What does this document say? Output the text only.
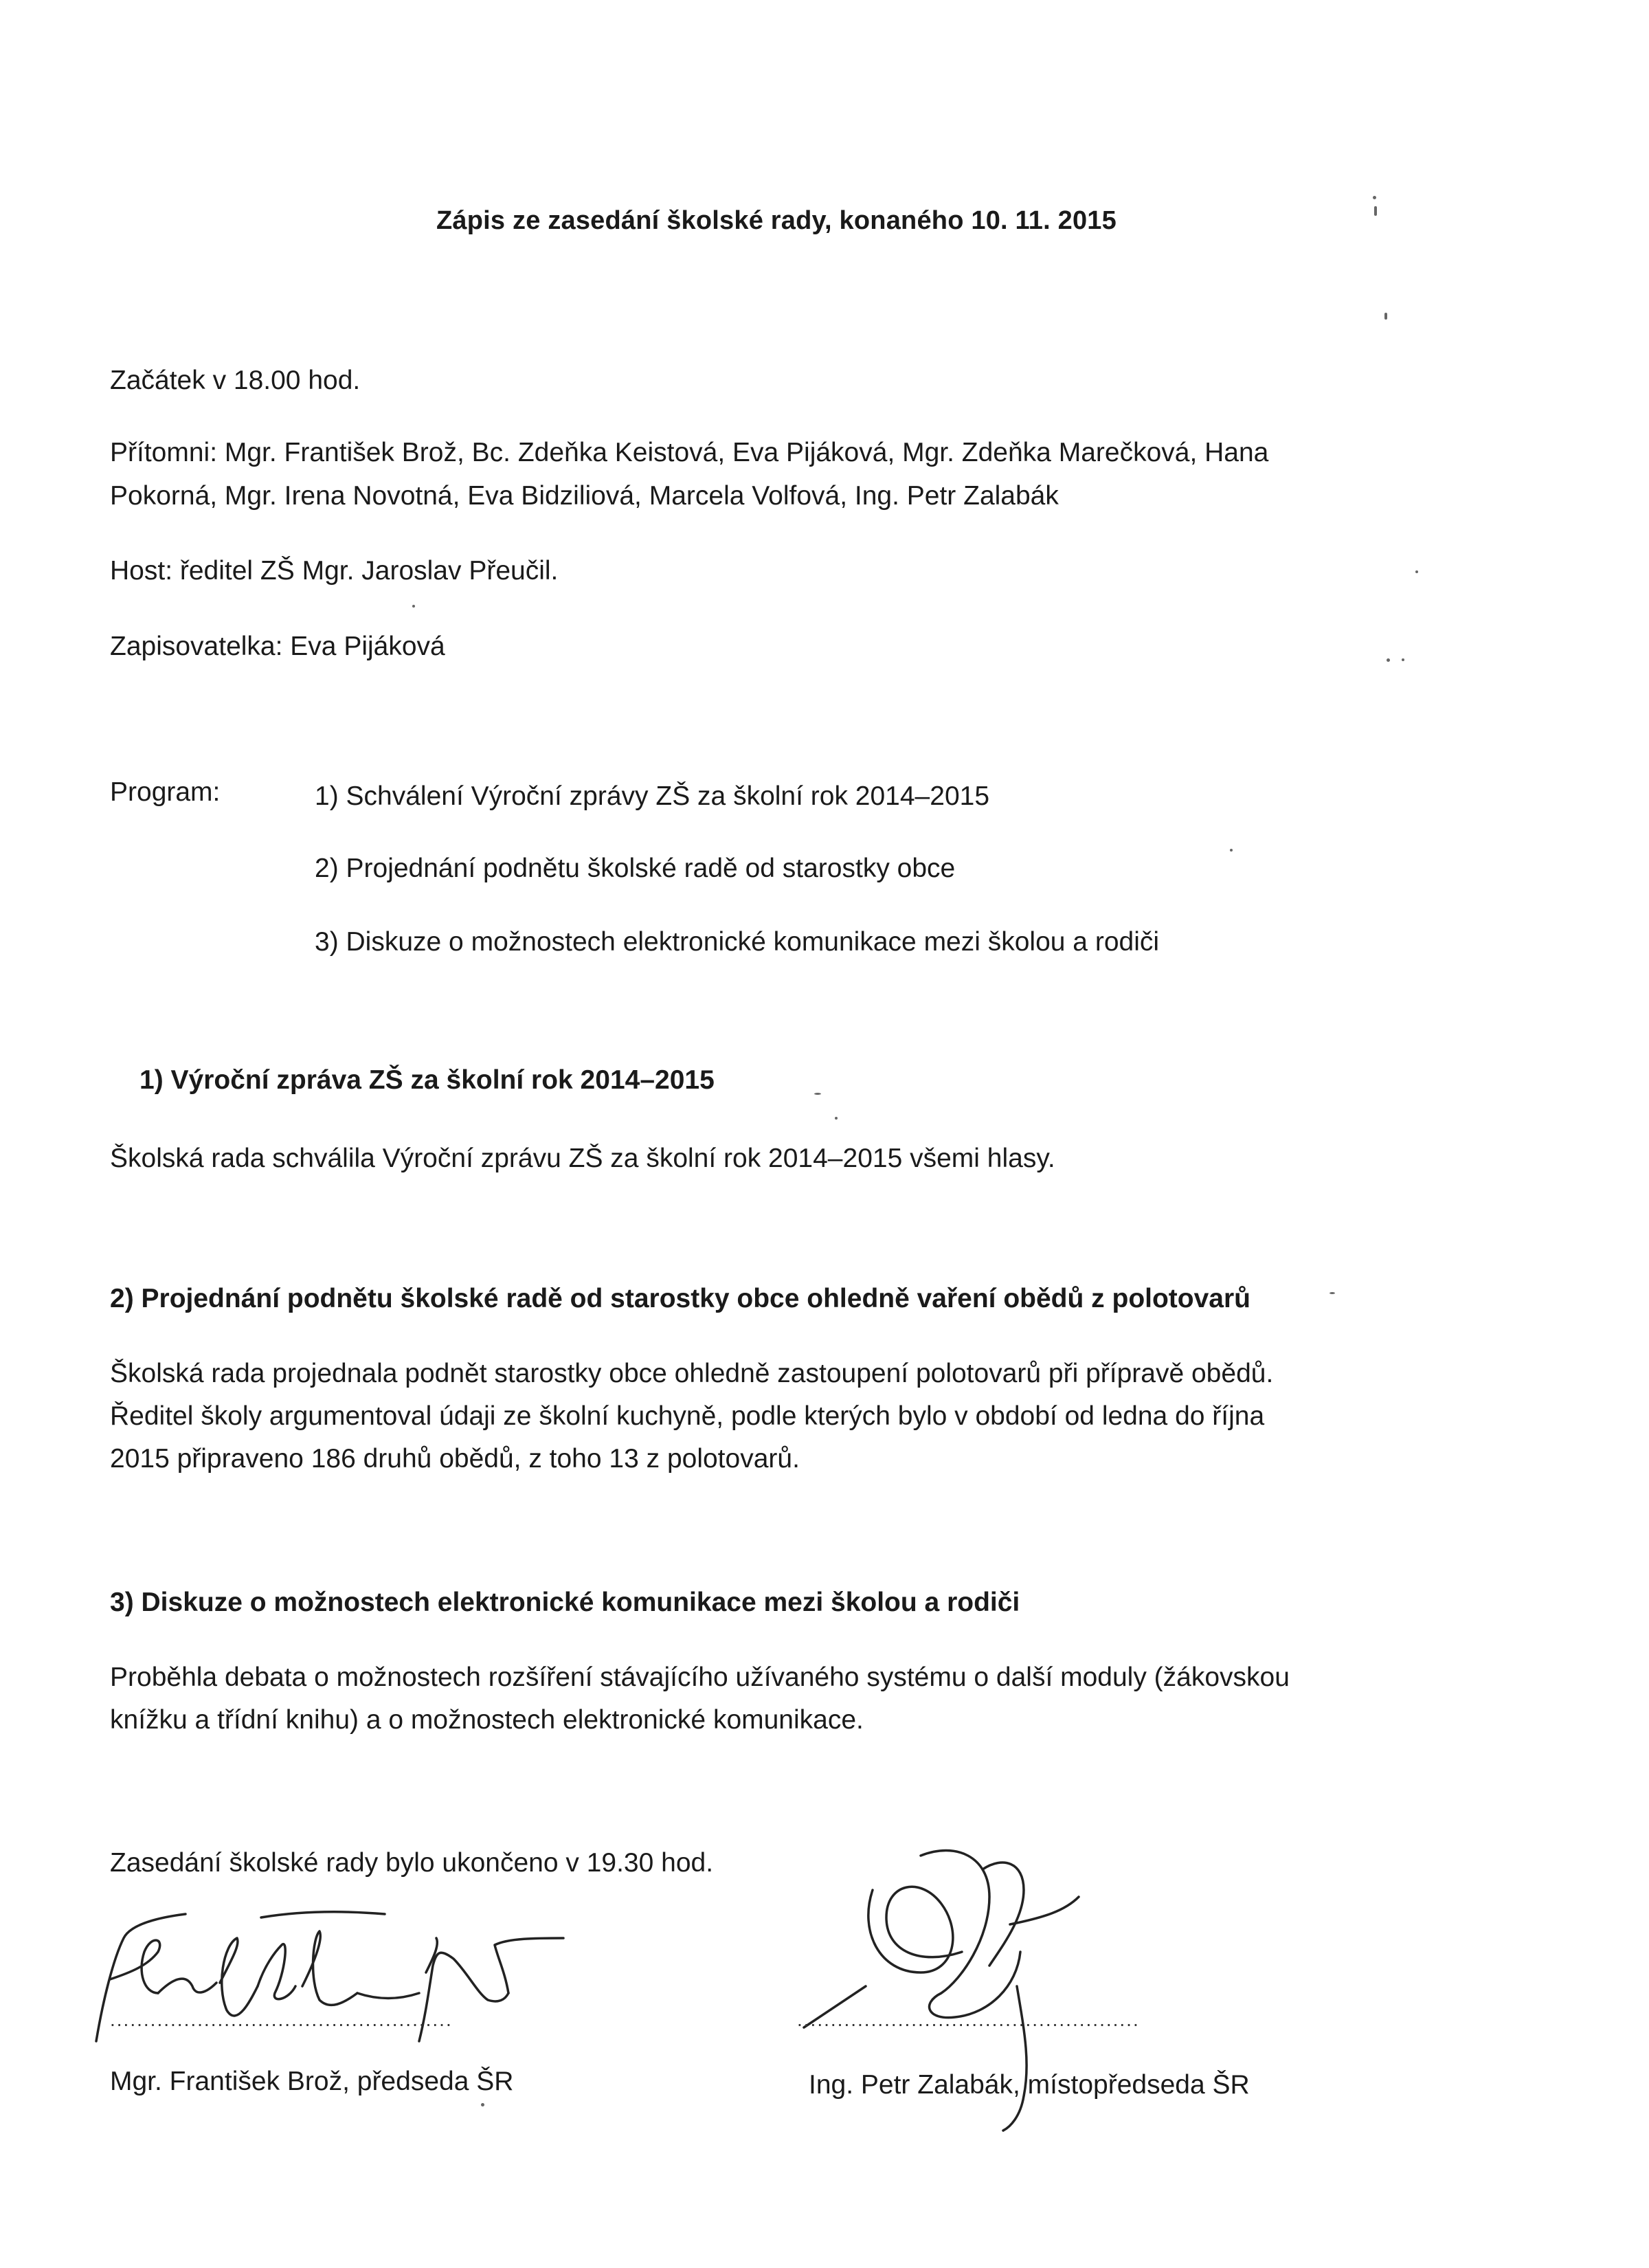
Zápis ze zasedání školské rady, konaného 10. 11. 2015
Začátek v 18.00 hod.
Přítomni: Mgr. František Brož, Bc. Zdeňka Keistová, Eva Pijáková, Mgr. Zdeňka Marečková, Hana
Pokorná, Mgr. Irena Novotná, Eva Bidziliová, Marcela Volfová, Ing. Petr Zalabák
Host: ředitel ZŠ Mgr. Jaroslav Přeučil.
Zapisovatelka: Eva Pijáková
Program:	1) Schválení Výroční zprávy ZŠ za školní rok 2014–2015
2) Projednání podnětu školské radě od starostky obce
3) Diskuze o možnostech elektronické komunikace mezi školou a rodiči
1) Výroční zpráva ZŠ za školní rok 2014–2015
Školská rada schválila Výroční zprávu ZŠ za školní rok 2014–2015 všemi hlasy.
2) Projednání podnětu školské radě od starostky obce ohledně vaření obědů z polotovarů
Školská rada projednala podnět starostky obce ohledně zastoupení polotovarů při přípravě obědů.
Ředitel školy argumentoval údaji ze školní kuchyně, podle kterých bylo v období od ledna do října
2015 připraveno 186 druhů obědů, z toho 13 z polotovarů.
3) Diskuze o možnostech elektronické komunikace mezi školou a rodiči
Proběhla debata o možnostech rozšíření stávajícího užívaného systému o další moduly (žákovskou
knížku a třídní knihu) a o možnostech elektronické komunikace.
Zasedání školské rady bylo ukončeno v 19.30 hod.
...................................................	...................................................
Mgr. František Brož, předseda ŠR	Ing. Petr Zalabák, místopředseda ŠR
